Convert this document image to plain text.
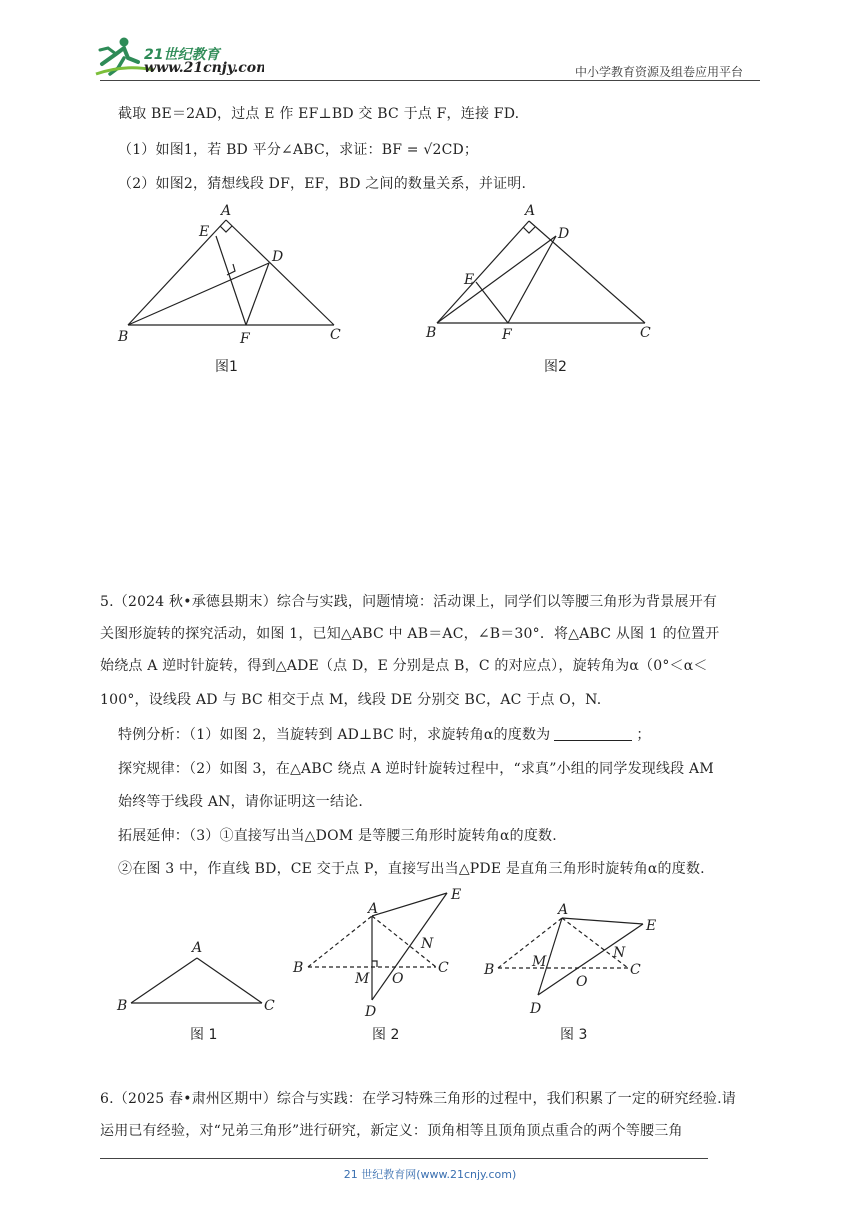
21世纪教育
www.21cnjy.com	中小学教育资源及组卷应用平台
截取 BE＝2AD，过点 E 作 EF⊥BD 交 BC 于点 F，连接 FD.
（1）如图1，若 BD 平分∠ABC，求证：BF = √2CD；
（2）如图2，猜想线段 DF，EF，BD 之间的数量关系，并证明.
A
E
D
B	F	C
图1
A
D
E
B	F	C
图2
5.（2024 秋•承德县期末）综合与实践，问题情境：活动课上，同学们以等腰三角形为背景展开有
关图形旋转的探究活动，如图 1，已知△ABC 中 AB＝AC，∠B＝30°．将△ABC 从图 1 的位置开
始绕点 A 逆时针旋转，得到△ADE（点 D，E 分别是点 B，C 的对应点），旋转角为α（0°＜α＜
100°，设线段 AD 与 BC 相交于点 M，线段 DE 分别交 BC，AC 于点 O，N.
特例分析：（1）如图 2，当旋转到 AD⊥BC 时，求旋转角α的度数为	；
探究规律：（2）如图 3，在△ABC 绕点 A 逆时针旋转过程中，“求真”小组的同学发现线段 AM
始终等于线段 AN，请你证明这一结论.
拓展延伸：（3）①直接写出当△DOM 是等腰三角形时旋转角α的度数.
②在图 3 中，作直线 BD，CE 交于点 P，直接写出当△PDE 是直角三角形时旋转角α的度数.
A
B	C
图 1
A
E
N
B	C
M O
D
图 2
A
E
M
N
B	C
O
D
图 3
6.（2025 春•肃州区期中）综合与实践：在学习特殊三角形的过程中，我们积累了一定的研究经验.请
运用已有经验，对“兄弟三角形”进行研究，新定义：顶角相等且顶角顶点重合的两个等腰三角
21 世纪教育网(www.21cnjy.com)
